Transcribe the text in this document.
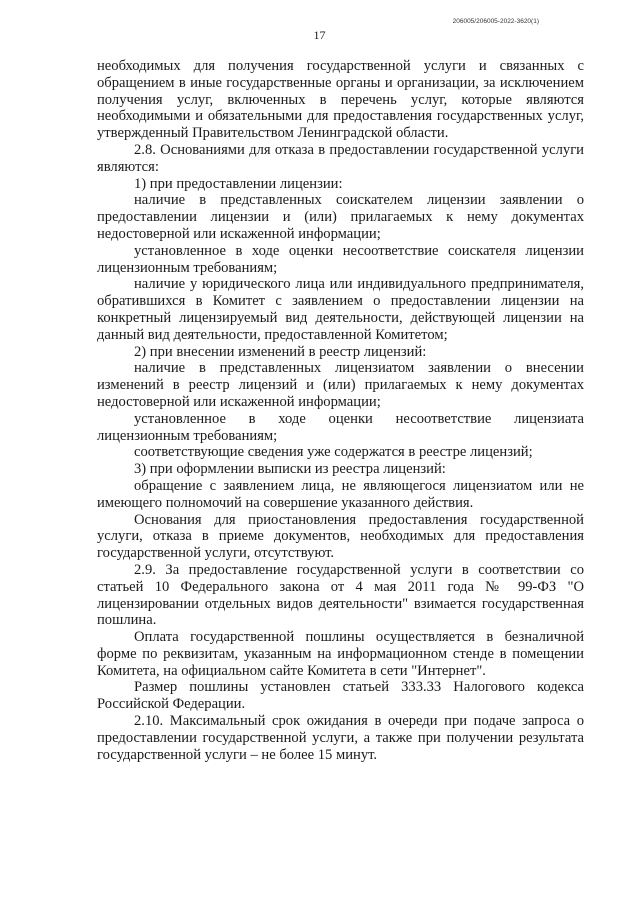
206005/206005-2022-3620(1)
17

необходимых для получения государственной услуги и связанных с обращением в иные государственные органы и организации, за исключением получения услуг, включенных в перечень услуг, которые являются необходимыми и обязательными для предоставления государственных услуг, утвержденный Правительством Ленинградской области.

2.8. Основаниями для отказа в предоставлении государственной услуги являются:

1) при предоставлении лицензии:

наличие в представленных соискателем лицензии заявлении о предоставлении лицензии и (или) прилагаемых к нему документах недостоверной или искаженной информации;

установленное в ходе оценки несоответствие соискателя лицензии лицензионным требованиям;

наличие у юридического лица или индивидуального предпринимателя, обратившихся в Комитет с заявлением о предоставлении лицензии на конкретный лицензируемый вид деятельности, действующей лицензии на данный вид деятельности, предоставленной Комитетом;

2) при внесении изменений в реестр лицензий:

наличие в представленных лицензиатом заявлении о внесении изменений в реестр лицензий и (или) прилагаемых к нему документах недостоверной или искаженной информации;

установленное в ходе оценки несоответствие лицензиата лицензионным требованиям;

соответствующие сведения уже содержатся в реестре лицензий;

3) при оформлении выписки из реестра лицензий:

обращение с заявлением лица, не являющегося лицензиатом или не имеющего полномочий на совершение указанного действия.

Основания для приостановления предоставления государственной услуги, отказа в приеме документов, необходимых для предоставления государственной услуги, отсутствуют.

2.9. За предоставление государственной услуги в соответствии со статьей 10 Федерального закона от 4 мая 2011 года № 99-ФЗ "О лицензировании отдельных видов деятельности" взимается государственная пошлина.

Оплата государственной пошлины осуществляется в безналичной форме по реквизитам, указанным на информационном стенде в помещении Комитета, на официальном сайте Комитета в сети "Интернет".

Размер пошлины установлен статьей 333.33 Налогового кодекса Российской Федерации.

2.10. Максимальный срок ожидания в очереди при подаче запроса о предоставлении государственной услуги, а также при получении результата государственной услуги – не более 15 минут.
